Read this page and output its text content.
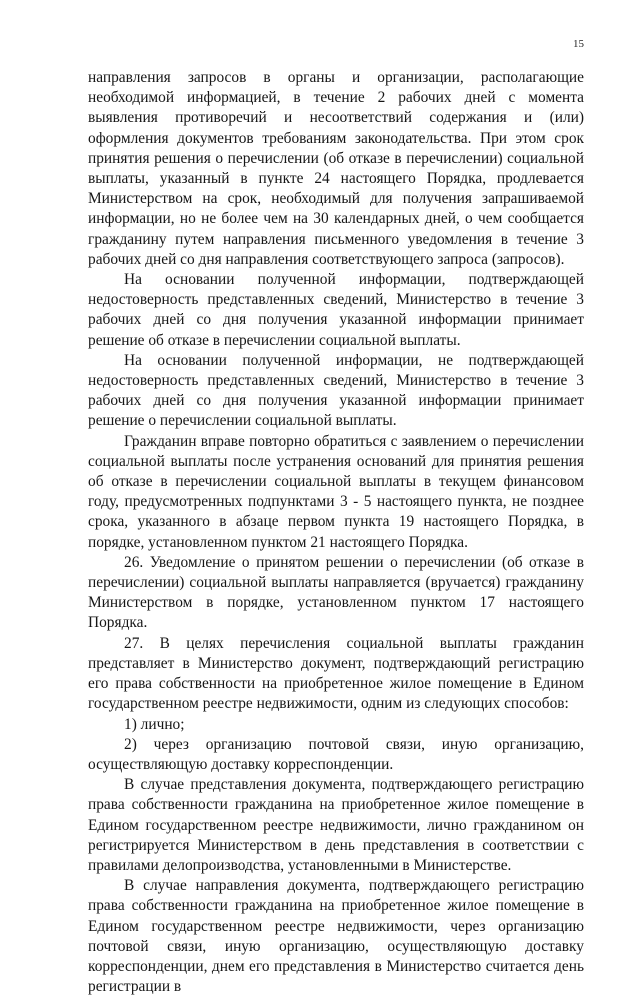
15

направления запросов в органы и организации, располагающие необходимой информацией, в течение 2 рабочих дней с момента выявления противоречий и несоответствий содержания и (или) оформления документов требованиям законодательства. При этом срок принятия решения о перечислении (об отказе в перечислении) социальной выплаты, указанный в пункте 24 настоящего Порядка, продлевается Министерством на срок, необходимый для получения запрашиваемой информации, но не более чем на 30 календарных дней, о чем сообщается гражданину путем направления письменного уведомления в течение 3 рабочих дней со дня направления соответствующего запроса (запросов).

На основании полученной информации, подтверждающей недостоверность представленных сведений, Министерство в течение 3 рабочих дней со дня получения указанной информации принимает решение об отказе в перечислении социальной выплаты.

На основании полученной информации, не подтверждающей недостоверность представленных сведений, Министерство в течение 3 рабочих дней со дня получения указанной информации принимает решение о перечислении социальной выплаты.

Гражданин вправе повторно обратиться с заявлением о перечислении социальной выплаты после устранения оснований для принятия решения об отказе в перечислении социальной выплаты в текущем финансовом году, предусмотренных подпунктами 3 - 5 настоящего пункта, не позднее срока, указанного в абзаце первом пункта 19 настоящего Порядка, в порядке, установленном пунктом 21 настоящего Порядка.

26. Уведомление о принятом решении о перечислении (об отказе в перечислении) социальной выплаты направляется (вручается) гражданину Министерством в порядке, установленном пунктом 17 настоящего Порядка.

27. В целях перечисления социальной выплаты гражданин представляет в Министерство документ, подтверждающий регистрацию его права собственности на приобретенное жилое помещение в Едином государственном реестре недвижимости, одним из следующих способов:

1) лично;

2) через организацию почтовой связи, иную организацию, осуществляющую доставку корреспонденции.

В случае представления документа, подтверждающего регистрацию права собственности гражданина на приобретенное жилое помещение в Едином государственном реестре недвижимости, лично гражданином он регистрируется Министерством в день представления в соответствии с правилами делопроизводства, установленными в Министерстве.

В случае направления документа, подтверждающего регистрацию права собственности гражданина на приобретенное жилое помещение в Едином государственном реестре недвижимости, через организацию почтовой связи, иную организацию, осуществляющую доставку корреспонденции, днем его представления в Министерство считается день регистрации в
